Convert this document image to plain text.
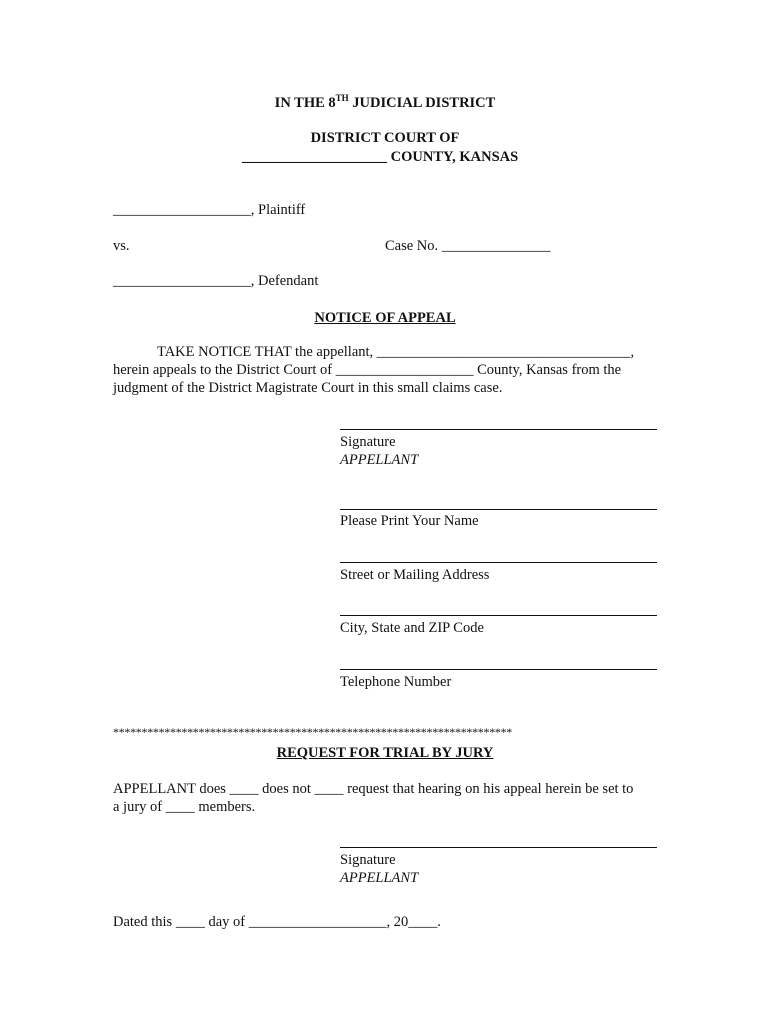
IN THE 8TH JUDICIAL DISTRICT
DISTRICT COURT OF
____________________ COUNTY, KANSAS
___________________, Plaintiff
vs.	Case No. _______________
___________________, Defendant
NOTICE OF APPEAL
TAKE NOTICE THAT the appellant, ___________________________________,
herein appeals to the District Court of ___________________ County, Kansas from the
judgment of the District Magistrate Court in this small claims case.
Signature
APPELLANT
Please Print Your Name
Street or Mailing Address
City, State and ZIP Code
Telephone Number
**********************************************************************
REQUEST FOR TRIAL BY JURY
APPELLANT does ____ does not ____ request that hearing on his appeal herein be set to
a jury of ____ members.
Signature
APPELLANT
Dated this ____ day of ___________________, 20____.
